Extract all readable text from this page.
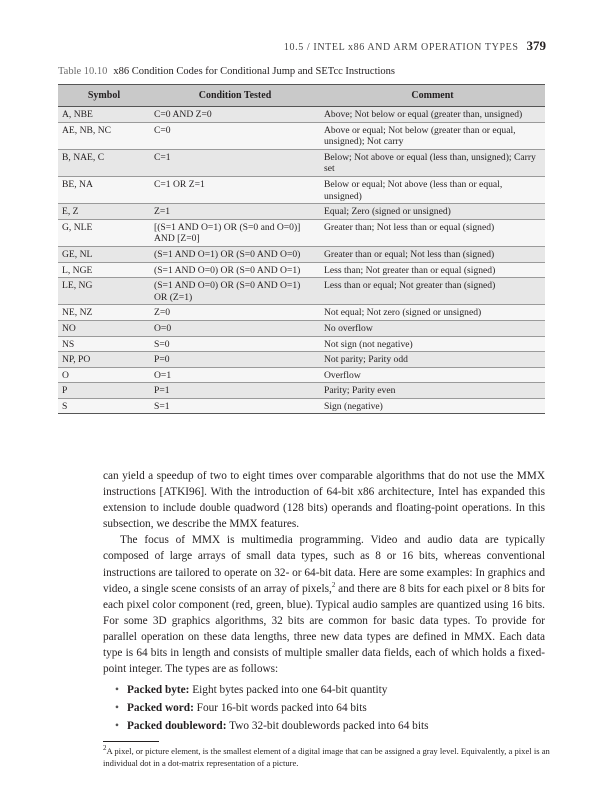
10.5 / INTEL x86 AND ARM OPERATION TYPES 379
Table 10.10 x86 Condition Codes for Conditional Jump and SETcc Instructions
Symbol	Condition Tested	Comment
A, NBE	C=0 AND Z=0	Above; Not below or equal (greater than, unsigned)
AE, NB, NC	C=0	Above or equal; Not below (greater than or equal, unsigned); Not carry
B, NAE, C	C=1	Below; Not above or equal (less than, unsigned); Carry set
BE, NA	C=1 OR Z=1	Below or equal; Not above (less than or equal, unsigned)
E, Z	Z=1	Equal; Zero (signed or unsigned)
G, NLE	[(S=1 AND O=1) OR (S=0 and O=0)] AND [Z=0]	Greater than; Not less than or equal (signed)
GE, NL	(S=1 AND O=1) OR (S=0 AND O=0)	Greater than or equal; Not less than (signed)
L, NGE	(S=1 AND O=0) OR (S=0 AND O=1)	Less than; Not greater than or equal (signed)
LE, NG	(S=1 AND O=0) OR (S=0 AND O=1) OR (Z=1)	Less than or equal; Not greater than (signed)
NE, NZ	Z=0	Not equal; Not zero (signed or unsigned)
NO	O=0	No overflow
NS	S=0	Not sign (not negative)
NP, PO	P=0	Not parity; Parity odd
O	O=1	Overflow
P	P=1	Parity; Parity even
S	S=1	Sign (negative)

can yield a speedup of two to eight times over comparable algorithms that do not use the MMX instructions [ATKI96]. With the introduction of 64-bit x86 architecture, Intel has expanded this extension to include double quadword (128 bits) operands and floating-point operations. In this subsection, we describe the MMX features.

The focus of MMX is multimedia programming. Video and audio data are typically composed of large arrays of small data types, such as 8 or 16 bits, whereas conventional instructions are tailored to operate on 32- or 64-bit data. Here are some examples: In graphics and video, a single scene consists of an array of pixels,$^2$ and there are 8 bits for each pixel or 8 bits for each pixel color component (red, green, blue). Typical audio samples are quantized using 16 bits. For some 3D graphics algorithms, 32 bits are common for basic data types. To provide for parallel operation on these data lengths, three new data types are defined in MMX. Each data type is 64 bits in length and consists of multiple smaller data fields, each of which holds a fixed-point integer. The types are as follows:

• Packed byte: Eight bytes packed into one 64-bit quantity
• Packed word: Four 16-bit words packed into 64 bits
• Packed doubleword: Two 32-bit doublewords packed into 64 bits
$^2$A pixel, or picture element, is the smallest element of a digital image that can be assigned a gray level. Equivalently, a pixel is an individual dot in a dot-matrix representation of a picture.
